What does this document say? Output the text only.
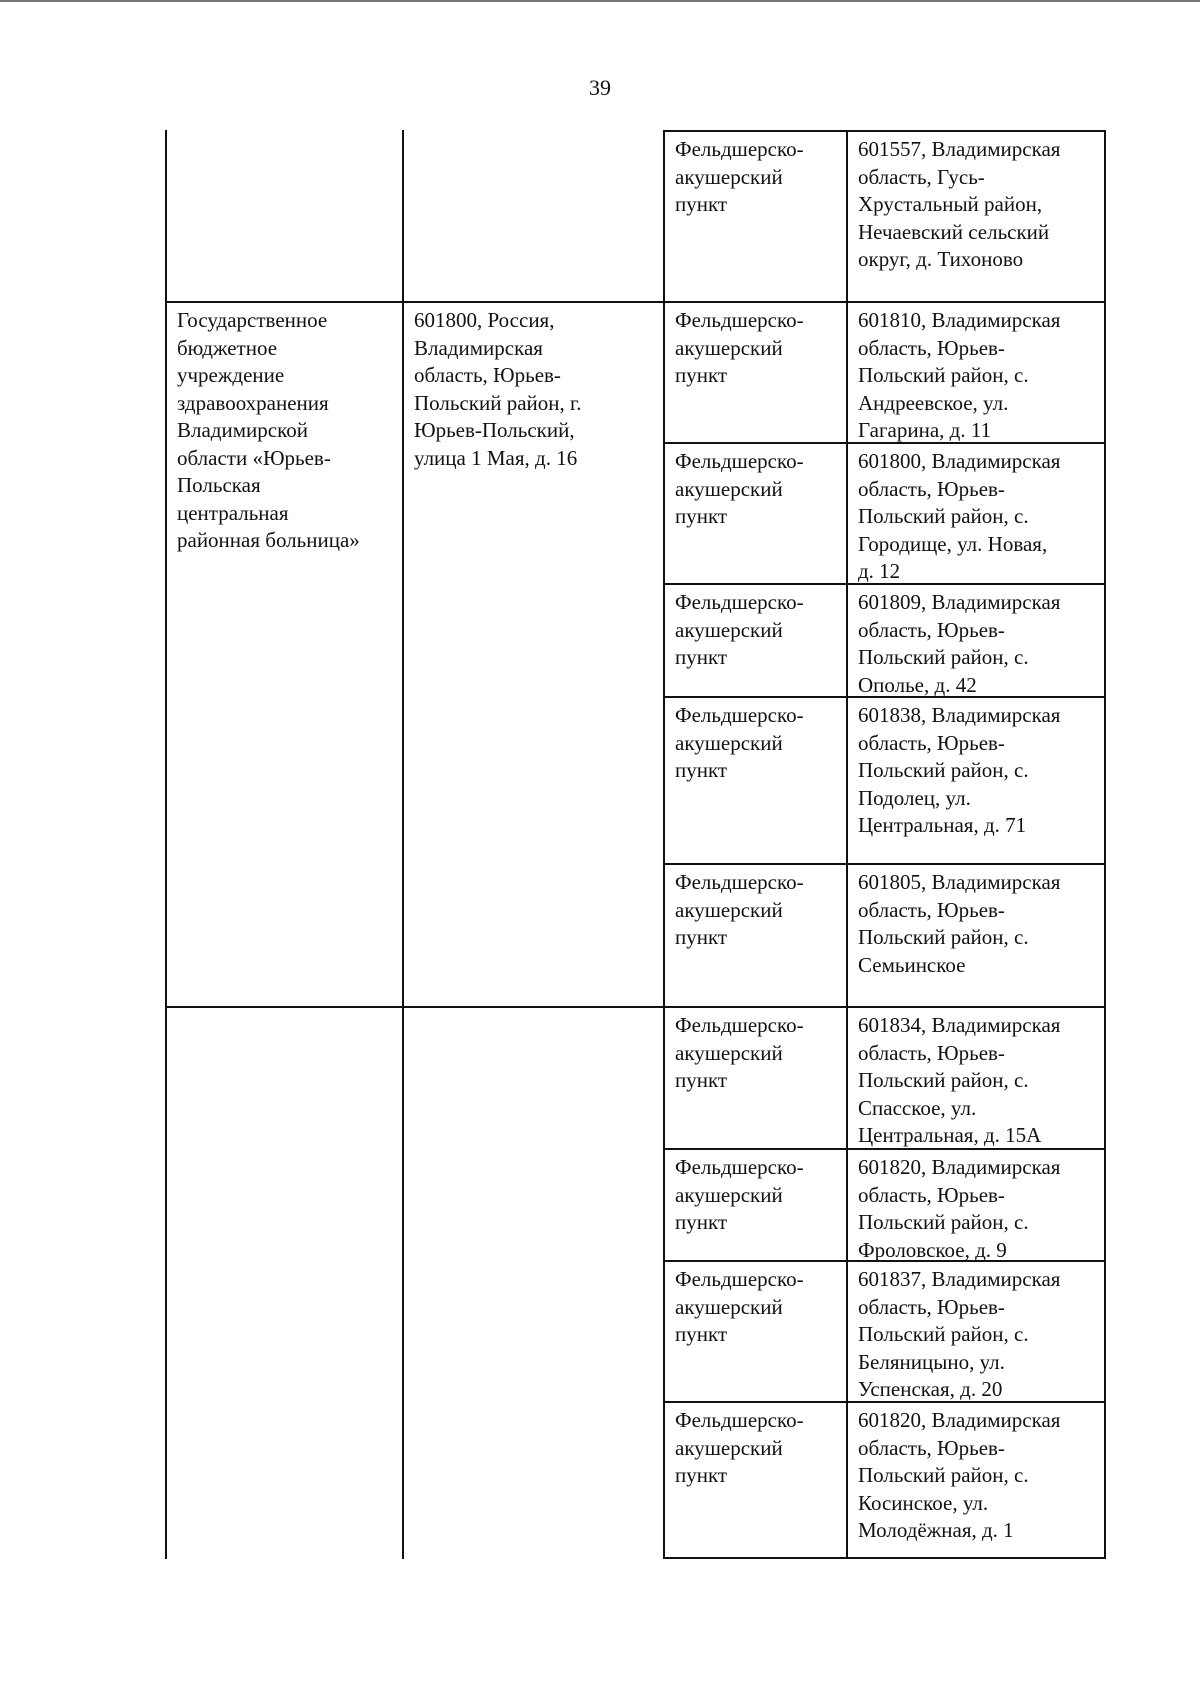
39
Фельдшерско-
акушерский
пункт
601557, Владимирская
область, Гусь-
Хрустальный район,
Нечаевский сельский
округ, д. Тихоново
Государственное
бюджетное
учреждение
здравоохранения
Владимирской
области «Юрьев-
Польская
центральная
районная больница»
601800, Россия,
Владимирская
область, Юрьев-
Польский район, г.
Юрьев-Польский,
улица 1 Мая, д. 16
Фельдшерско-
акушерский
пункт
601810, Владимирская
область, Юрьев-
Польский район, с.
Андреевское, ул.
Гагарина, д. 11
Фельдшерско-
акушерский
пункт
601800, Владимирская
область, Юрьев-
Польский район, с.
Городище, ул. Новая,
д. 12
Фельдшерско-
акушерский
пункт
601809, Владимирская
область, Юрьев-
Польский район, с.
Ополье, д. 42
Фельдшерско-
акушерский
пункт
601838, Владимирская
область, Юрьев-
Польский район, с.
Подолец, ул.
Центральная, д. 71
Фельдшерско-
акушерский
пункт
601805, Владимирская
область, Юрьев-
Польский район, с.
Семьинское
Фельдшерско-
акушерский
пункт
601834, Владимирская
область, Юрьев-
Польский район, с.
Спасское, ул.
Центральная, д. 15А
Фельдшерско-
акушерский
пункт
601820, Владимирская
область, Юрьев-
Польский район, с.
Фроловское, д. 9
Фельдшерско-
акушерский
пункт
601837, Владимирская
область, Юрьев-
Польский район, с.
Беляницыно, ул.
Успенская, д. 20
Фельдшерско-
акушерский
пункт
601820, Владимирская
область, Юрьев-
Польский район, с.
Косинское, ул.
Молодёжная, д. 1
